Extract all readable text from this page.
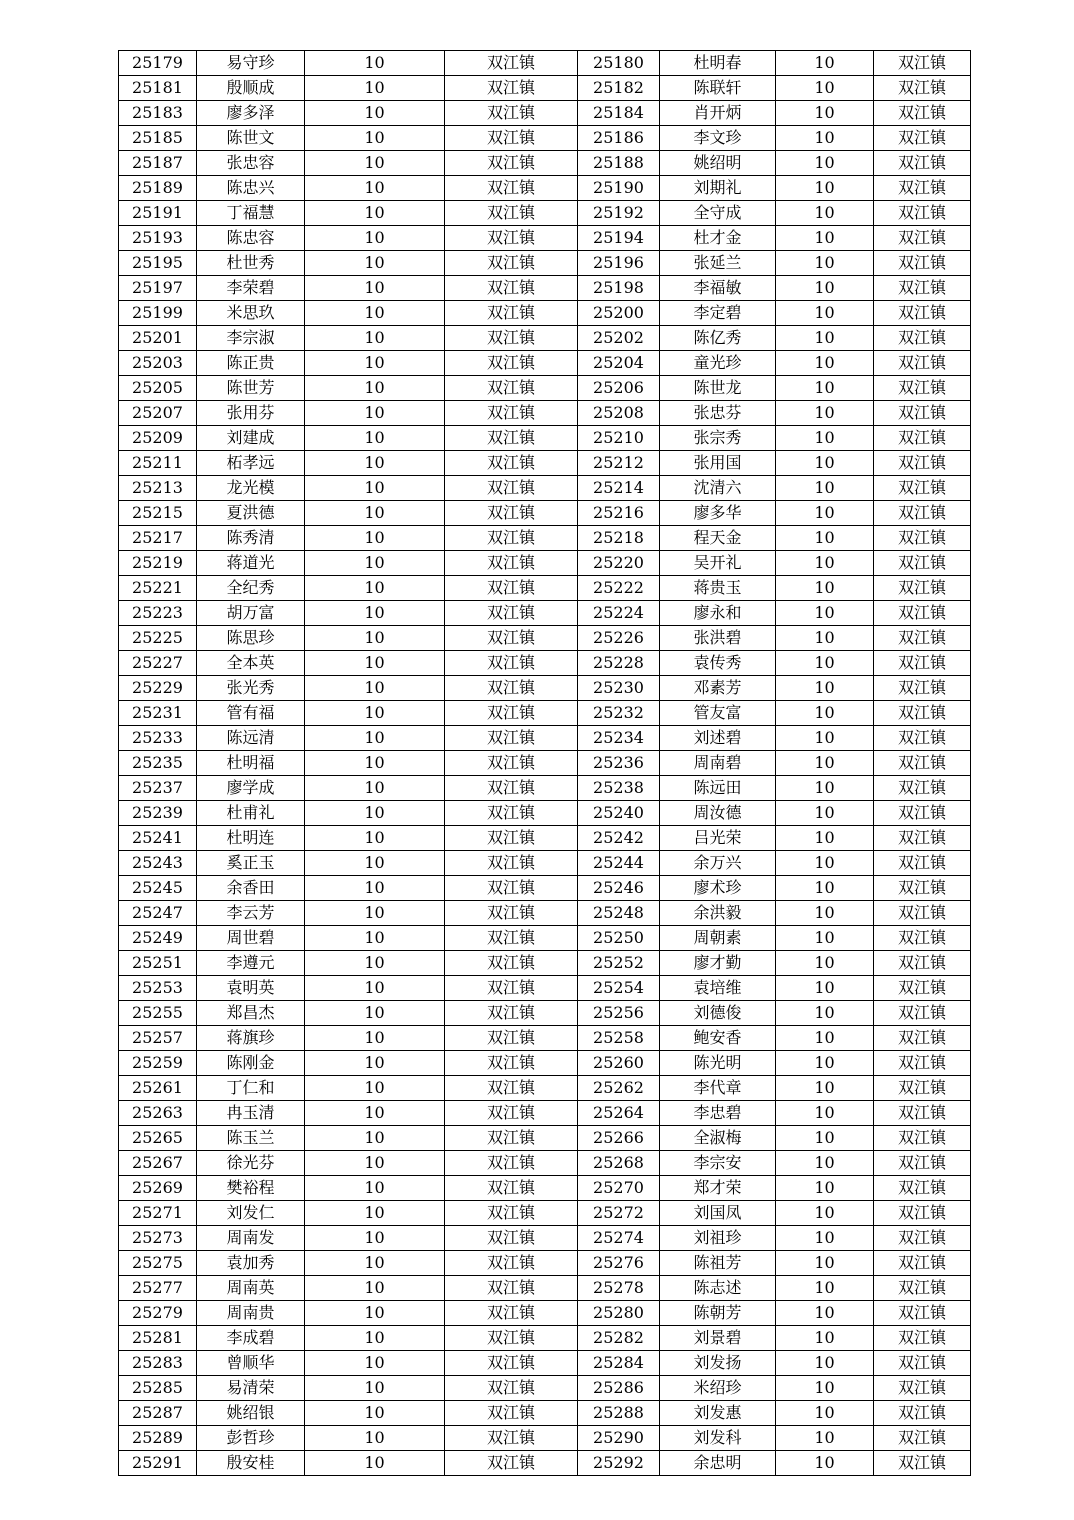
25179	易守珍	10	双江镇	25180	杜明春	10	双江镇
25181	殷顺成	10	双江镇	25182	陈联轩	10	双江镇
25183	廖多泽	10	双江镇	25184	肖开炳	10	双江镇
25185	陈世文	10	双江镇	25186	李文珍	10	双江镇
25187	张忠容	10	双江镇	25188	姚绍明	10	双江镇
25189	陈忠兴	10	双江镇	25190	刘期礼	10	双江镇
25191	丁福慧	10	双江镇	25192	全守成	10	双江镇
25193	陈忠容	10	双江镇	25194	杜才金	10	双江镇
25195	杜世秀	10	双江镇	25196	张延兰	10	双江镇
25197	李荣碧	10	双江镇	25198	李福敏	10	双江镇
25199	米思玖	10	双江镇	25200	李定碧	10	双江镇
25201	李宗淑	10	双江镇	25202	陈亿秀	10	双江镇
25203	陈正贵	10	双江镇	25204	童光珍	10	双江镇
25205	陈世芳	10	双江镇	25206	陈世龙	10	双江镇
25207	张用芬	10	双江镇	25208	张忠芬	10	双江镇
25209	刘建成	10	双江镇	25210	张宗秀	10	双江镇
25211	柘孝远	10	双江镇	25212	张用国	10	双江镇
25213	龙光模	10	双江镇	25214	沈清六	10	双江镇
25215	夏洪德	10	双江镇	25216	廖多华	10	双江镇
25217	陈秀清	10	双江镇	25218	程天金	10	双江镇
25219	蒋道光	10	双江镇	25220	吴开礼	10	双江镇
25221	全纪秀	10	双江镇	25222	蒋贵玉	10	双江镇
25223	胡万富	10	双江镇	25224	廖永和	10	双江镇
25225	陈思珍	10	双江镇	25226	张洪碧	10	双江镇
25227	全本英	10	双江镇	25228	袁传秀	10	双江镇
25229	张光秀	10	双江镇	25230	邓素芳	10	双江镇
25231	管有福	10	双江镇	25232	管友富	10	双江镇
25233	陈远清	10	双江镇	25234	刘述碧	10	双江镇
25235	杜明福	10	双江镇	25236	周南碧	10	双江镇
25237	廖学成	10	双江镇	25238	陈远田	10	双江镇
25239	杜甫礼	10	双江镇	25240	周汝德	10	双江镇
25241	杜明连	10	双江镇	25242	吕光荣	10	双江镇
25243	奚正玉	10	双江镇	25244	余万兴	10	双江镇
25245	余香田	10	双江镇	25246	廖术珍	10	双江镇
25247	李云芳	10	双江镇	25248	余洪毅	10	双江镇
25249	周世碧	10	双江镇	25250	周朝素	10	双江镇
25251	李遵元	10	双江镇	25252	廖才勤	10	双江镇
25253	袁明英	10	双江镇	25254	袁培维	10	双江镇
25255	郑昌杰	10	双江镇	25256	刘德俊	10	双江镇
25257	蒋旗珍	10	双江镇	25258	鲍安香	10	双江镇
25259	陈刚金	10	双江镇	25260	陈光明	10	双江镇
25261	丁仁和	10	双江镇	25262	李代章	10	双江镇
25263	冉玉清	10	双江镇	25264	李忠碧	10	双江镇
25265	陈玉兰	10	双江镇	25266	全淑梅	10	双江镇
25267	徐光芬	10	双江镇	25268	李宗安	10	双江镇
25269	樊裕程	10	双江镇	25270	郑才荣	10	双江镇
25271	刘发仁	10	双江镇	25272	刘国凤	10	双江镇
25273	周南发	10	双江镇	25274	刘祖珍	10	双江镇
25275	袁加秀	10	双江镇	25276	陈祖芳	10	双江镇
25277	周南英	10	双江镇	25278	陈志述	10	双江镇
25279	周南贵	10	双江镇	25280	陈朝芳	10	双江镇
25281	李成碧	10	双江镇	25282	刘景碧	10	双江镇
25283	曾顺华	10	双江镇	25284	刘发扬	10	双江镇
25285	易清荣	10	双江镇	25286	米绍珍	10	双江镇
25287	姚绍银	10	双江镇	25288	刘发惠	10	双江镇
25289	彭哲珍	10	双江镇	25290	刘发科	10	双江镇
25291	殷安桂	10	双江镇	25292	余忠明	10	双江镇
